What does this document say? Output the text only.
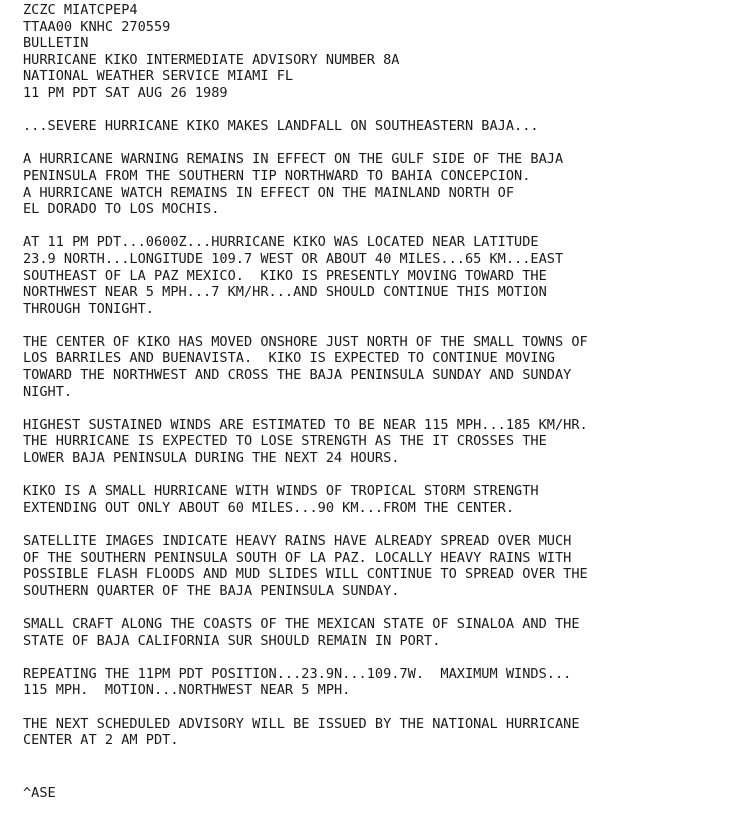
ZCZC MIATCPEP4
TTAA00 KNHC 270559
BULLETIN
HURRICANE KIKO INTERMEDIATE ADVISORY NUMBER 8A
NATIONAL WEATHER SERVICE MIAMI FL
11 PM PDT SAT AUG 26 1989
...SEVERE HURRICANE KIKO MAKES LANDFALL ON SOUTHEASTERN BAJA...
A HURRICANE WARNING REMAINS IN EFFECT ON THE GULF SIDE OF THE BAJA
PENINSULA FROM THE SOUTHERN TIP NORTHWARD TO BAHIA CONCEPCION.
A HURRICANE WATCH REMAINS IN EFFECT ON THE MAINLAND NORTH OF
EL DORADO TO LOS MOCHIS.
AT 11 PM PDT...0600Z...HURRICANE KIKO WAS LOCATED NEAR LATITUDE
23.9 NORTH...LONGITUDE 109.7 WEST OR ABOUT 40 MILES...65 KM...EAST
SOUTHEAST OF LA PAZ MEXICO.  KIKO IS PRESENTLY MOVING TOWARD THE
NORTHWEST NEAR 5 MPH...7 KM/HR...AND SHOULD CONTINUE THIS MOTION
THROUGH TONIGHT.
THE CENTER OF KIKO HAS MOVED ONSHORE JUST NORTH OF THE SMALL TOWNS OF
LOS BARRILES AND BUENAVISTA.  KIKO IS EXPECTED TO CONTINUE MOVING
TOWARD THE NORTHWEST AND CROSS THE BAJA PENINSULA SUNDAY AND SUNDAY
NIGHT.
HIGHEST SUSTAINED WINDS ARE ESTIMATED TO BE NEAR 115 MPH...185 KM/HR.
THE HURRICANE IS EXPECTED TO LOSE STRENGTH AS THE IT CROSSES THE
LOWER BAJA PENINSULA DURING THE NEXT 24 HOURS.
KIKO IS A SMALL HURRICANE WITH WINDS OF TROPICAL STORM STRENGTH
EXTENDING OUT ONLY ABOUT 60 MILES...90 KM...FROM THE CENTER.
SATELLITE IMAGES INDICATE HEAVY RAINS HAVE ALREADY SPREAD OVER MUCH
OF THE SOUTHERN PENINSULA SOUTH OF LA PAZ. LOCALLY HEAVY RAINS WITH
POSSIBLE FLASH FLOODS AND MUD SLIDES WILL CONTINUE TO SPREAD OVER THE
SOUTHERN QUARTER OF THE BAJA PENINSULA SUNDAY.
SMALL CRAFT ALONG THE COASTS OF THE MEXICAN STATE OF SINALOA AND THE
STATE OF BAJA CALIFORNIA SUR SHOULD REMAIN IN PORT.
REPEATING THE 11PM PDT POSITION...23.9N...109.7W.  MAXIMUM WINDS...
115 MPH.  MOTION...NORTHWEST NEAR 5 MPH.
THE NEXT SCHEDULED ADVISORY WILL BE ISSUED BY THE NATIONAL HURRICANE
CENTER AT 2 AM PDT.
^ASE
